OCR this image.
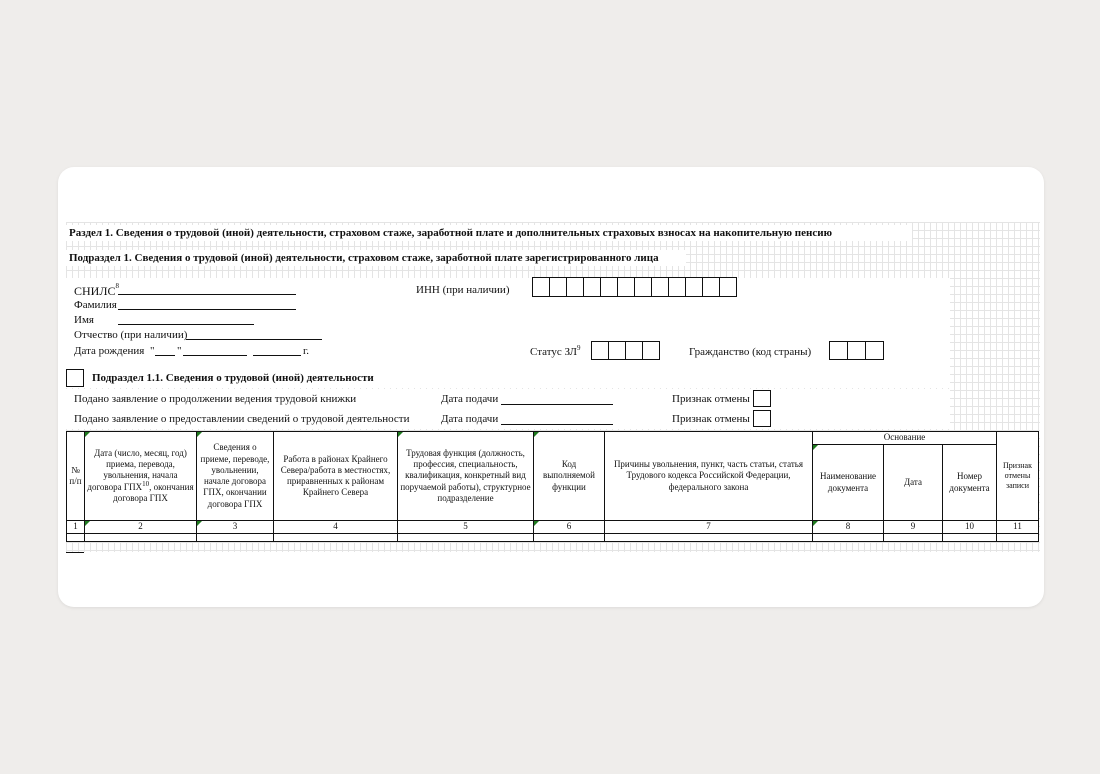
Раздел 1. Сведения о трудовой (иной) деятельности, страховом стаже, заработной плате и дополнительных страховых взносах на накопительную пенсию
Подраздел 1. Сведения о трудовой (иной) деятельности, страховом стаже, заработной плате зарегистрированного лица
СНИЛС$^8$	ИНН (при наличии)
Фамилия
Имя
Отчество (при наличии)
Дата рождения " "	г.	Статус $ЗЛ^9$	Гражданство (код страны)
Подраздел 1.1. Сведения о трудовой (иной) деятельности
Подано заявление о продолжении ведения трудовой книжки	Дата подачи	Признак отмены
Подано заявление о предоставлении сведений о трудовой деятельности	Дата подачи	Признак отмены
№ п/п	Дата (число, месяц, год) приема, перевода, увольнения, начала договора ГПХ$^{10}$, окончания договора ГПХ	Сведения о приеме, переводе, увольнении, начале договора ГПХ, окончании договора ГПХ	Работа в районах Крайнего Севера/работа в местностях, приравненных к районам Крайнего Севера	Трудовая функция (должность, профессия, специальность, квалификация, конкретный вид поручаемой работы), структурное подразделение	Код выполняемой функции	Причины увольнения, пункт, часть статьи, статья Трудового кодекса Российской Федерации, федерального закона	Основание			Признак отмены записи
							Наименование документа	Дата	Номер документа	
1	2	3	4	5	6	7	8	9	10	11
